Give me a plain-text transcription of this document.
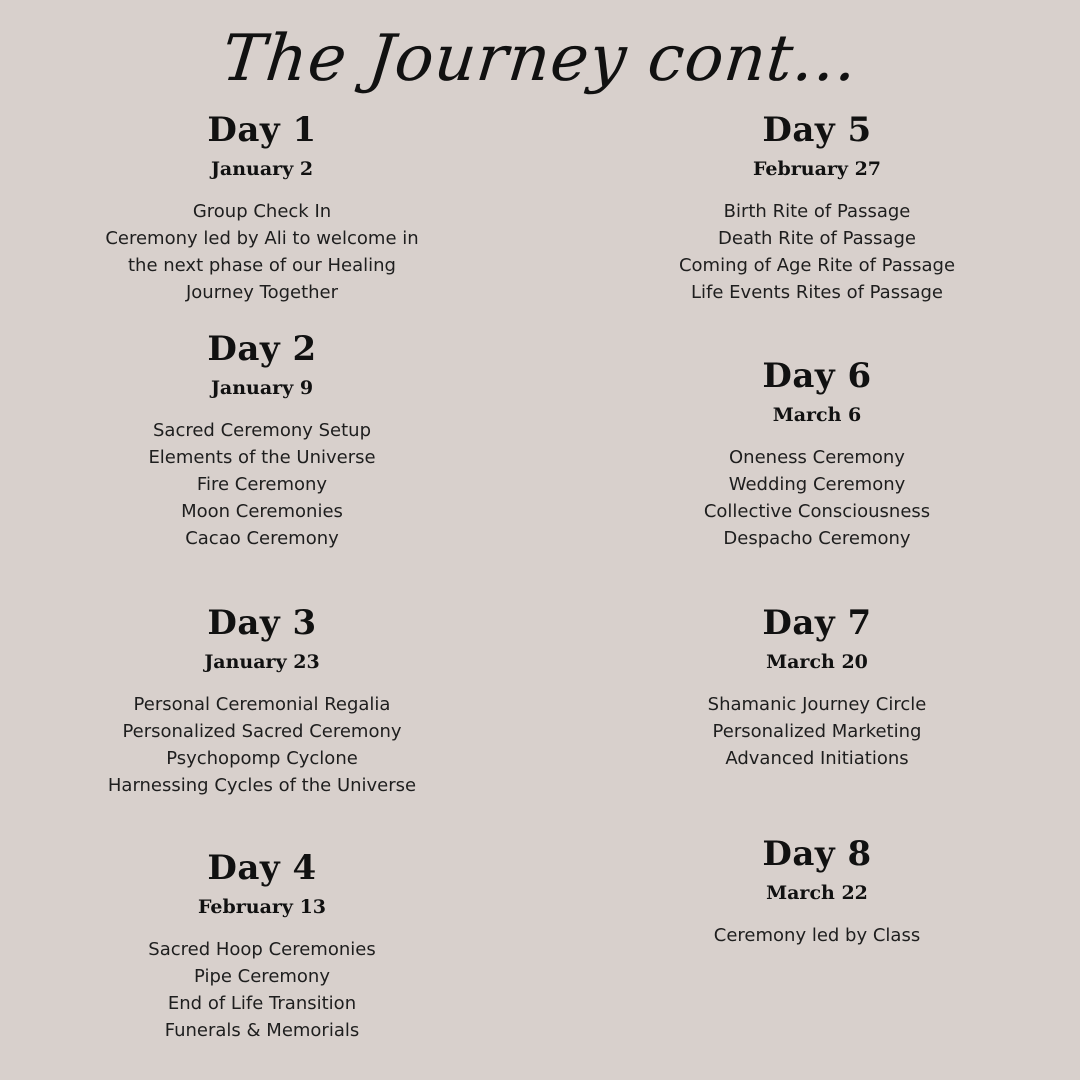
The Journey cont...
Day 1
January 2
Group Check In
Ceremony led by Ali to welcome in
the next phase of our Healing
Journey Together
Day 2
January 9
Sacred Ceremony Setup
Elements of the Universe
Fire Ceremony
Moon Ceremonies
Cacao Ceremony
Day 3
January 23
Personal Ceremonial Regalia
Personalized Sacred Ceremony
Psychopomp Cyclone
Harnessing Cycles of the Universe
Day 4
February 13
Sacred Hoop Ceremonies
Pipe Ceremony
End of Life Transition
Funerals & Memorials
Day 5
February 27
Birth Rite of Passage
Death Rite of Passage
Coming of Age Rite of Passage
Life Events Rites of Passage
Day 6
March 6
Oneness Ceremony
Wedding Ceremony
Collective Consciousness
Despacho Ceremony
Day 7
March 20
Shamanic Journey Circle
Personalized Marketing
Advanced Initiations
Day 8
March 22
Ceremony led by Class
